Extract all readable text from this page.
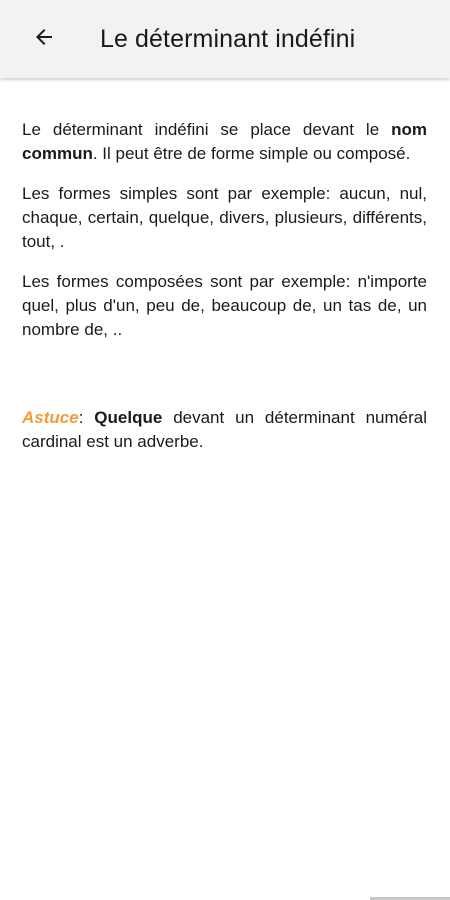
Le déterminant indéfini

Le déterminant indéfini se place devant le nom commun. Il peut être de forme simple ou composé.

Les formes simples sont par exemple: aucun, nul, chaque, certain, quelque, divers, plusieurs, différents, tout, .

Les formes composées sont par exemple: n'importe quel, plus d'un, peu de, beaucoup de, un tas de, un nombre de, ..

Astuce: Quelque devant un déterminant numéral cardinal est un adverbe.
